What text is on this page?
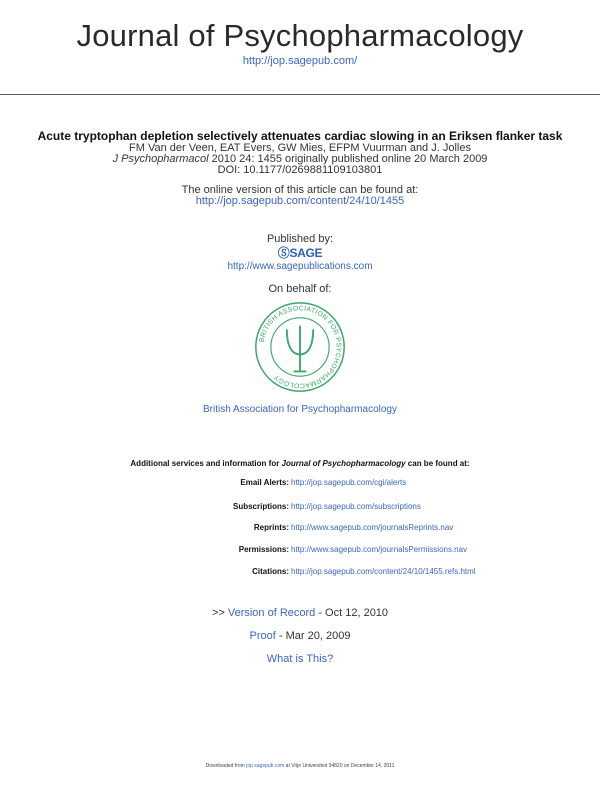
Journal of Psychopharmacology
http://jop.sagepub.com/
Acute tryptophan depletion selectively attenuates cardiac slowing in an Eriksen flanker task
FM Van der Veen, EAT Evers, GW Mies, EFPM Vuurman and J. Jolles
J Psychopharmacol 2010 24: 1455 originally published online 20 March 2009
DOI: 10.1177/0269881109103801
The online version of this article can be found at:
http://jop.sagepub.com/content/24/10/1455
Published by:
ⓈSAGE
http://www.sagepublications.com
On behalf of:
BRITISH ASSOCIATION FOR PSYCHOPHARMACOLOGY
British Association for Psychopharmacology
Additional services and information for Journal of Psychopharmacology can be found at:
Email Alerts: http://jop.sagepub.com/cgi/alerts
Subscriptions: http://jop.sagepub.com/subscriptions
Reprints: http://www.sagepub.com/journalsReprints.nav
Permissions: http://www.sagepub.com/journalsPermissions.nav
Citations: http://jop.sagepub.com/content/24/10/1455.refs.html
>> Version of Record - Oct 12, 2010
Proof - Mar 20, 2009
What is This?
Downloaded from jop.sagepub.com at Vrije Universiteit 34820 on December 14, 2011
